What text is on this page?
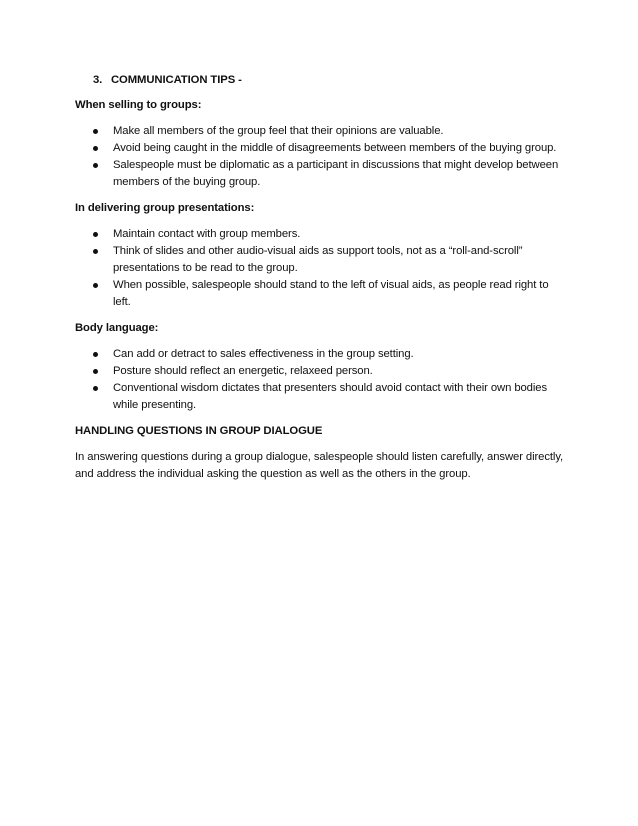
3. COMMUNICATION TIPS -
When selling to groups:
Make all members of the group feel that their opinions are valuable.
Avoid being caught in the middle of disagreements between members of the buying group.
Salespeople must be diplomatic as a participant in discussions that might develop between members of the buying group.
In delivering group presentations:
Maintain contact with group members.
Think of slides and other audio-visual aids as support tools, not as a “roll-and-scroll” presentations to be read to the group.
When possible, salespeople should stand to the left of visual aids, as people read right to left.
Body language:
Can add or detract to sales effectiveness in the group setting.
Posture should reflect an energetic, relaxeed person.
Conventional wisdom dictates that presenters should avoid contact with their own bodies while presenting.
HANDLING QUESTIONS IN GROUP DIALOGUE

In answering questions during a group dialogue, salespeople should listen carefully, answer directly, and address the individual asking the question as well as the others in the group.
